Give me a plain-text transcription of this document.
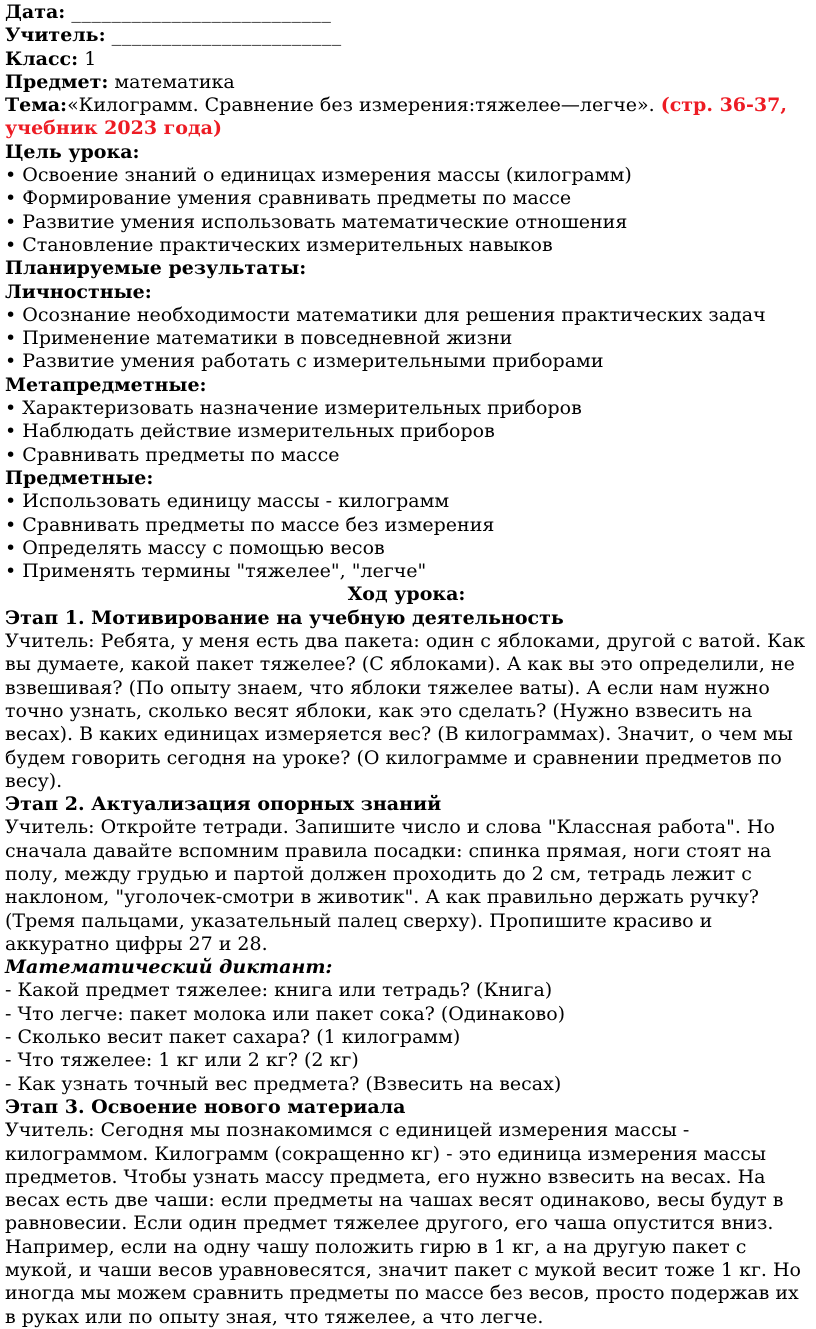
Дата: __________________________

Учитель: _______________________

Класс: 1

Предмет: математика

Тема:«Килограмм. Сравнение без измерения:тяжелее—легче». (стр. 36-37, учебник 2023 года)

Цель урока:

• Освоение знаний о единицах измерения массы (килограмм)

• Формирование умения сравнивать предметы по массе

• Развитие умения использовать математические отношения

• Становление практических измерительных навыков

Планируемые результаты:

Личностные:

• Осознание необходимости математики для решения практических задач

• Применение математики в повседневной жизни

• Развитие умения работать с измерительными приборами

Метапредметные:

• Характеризовать назначение измерительных приборов

• Наблюдать действие измерительных приборов

• Сравнивать предметы по массе

Предметные:

• Использовать единицу массы - килограмм

• Сравнивать предметы по массе без измерения

• Определять массу с помощью весов

• Применять термины "тяжелее", "легче"

Ход урока:

Этап 1. Мотивирование на учебную деятельность

Учитель: Ребята, у меня есть два пакета: один с яблоками, другой с ватой. Как вы думаете, какой пакет тяжелее? (С яблоками). А как вы это определили, не взвешивая? (По опыту знаем, что яблоки тяжелее ваты). А если нам нужно точно узнать, сколько весят яблоки, как это сделать? (Нужно взвесить на весах). В каких единицах измеряется вес? (В килограммах). Значит, о чем мы будем говорить сегодня на уроке? (О килограмме и сравнении предметов по весу).

Этап 2. Актуализация опорных знаний

Учитель: Откройте тетради. Запишите число и слова "Классная работа". Но сначала давайте вспомним правила посадки: спинка прямая, ноги стоят на полу, между грудью и партой должен проходить до 2 см, тетрадь лежит с наклоном, "уголочек-смотри в животик". А как правильно держать ручку? (Тремя пальцами, указательный палец сверху). Пропишите красиво и аккуратно цифры 27 и 28.

Математический диктант:

- Какой предмет тяжелее: книга или тетрадь? (Книга)

- Что легче: пакет молока или пакет сока? (Одинаково)

- Сколько весит пакет сахара? (1 килограмм)

- Что тяжелее: 1 кг или 2 кг? (2 кг)

- Как узнать точный вес предмета? (Взвесить на весах)

Этап 3. Освоение нового материала

Учитель: Сегодня мы познакомимся с единицей измерения массы - килограммом. Килограмм (сокращенно кг) - это единица измерения массы предметов. Чтобы узнать массу предмета, его нужно взвесить на весах. На весах есть две чаши: если предметы на чашах весят одинаково, весы будут в равновесии. Если один предмет тяжелее другого, его чаша опустится вниз. Например, если на одну чашу положить гирю в 1 кг, а на другую пакет с мукой, и чаши весов уравновесятся, значит пакет с мукой весит тоже 1 кг. Но иногда мы можем сравнить предметы по массе без весов, просто подержав их в руках или по опыту зная, что тяжелее, а что легче.
